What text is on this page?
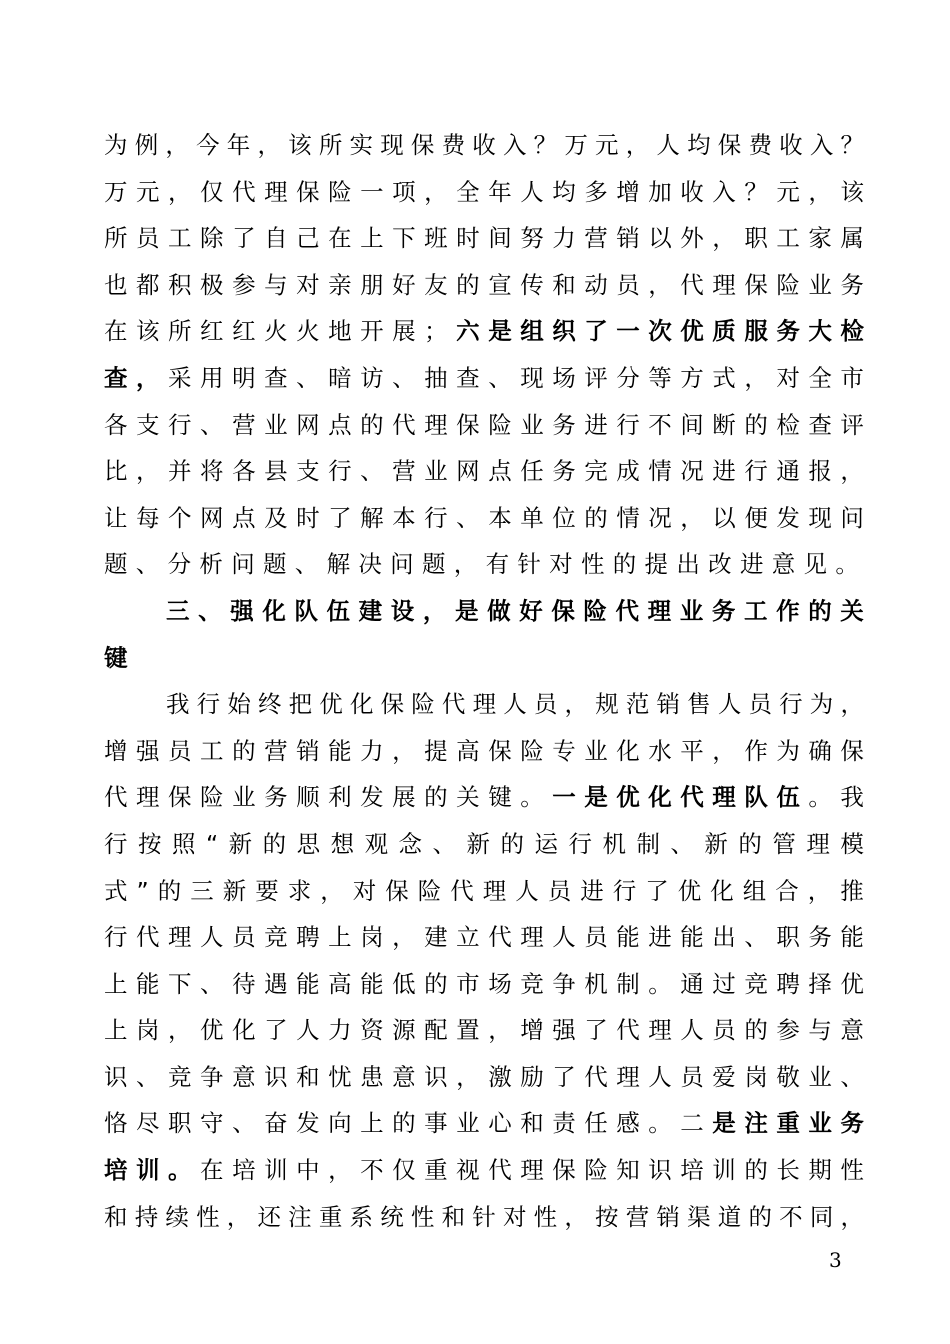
为 例 ， 今 年 ， 该 所 实 现 保 费 收 入 ？ 万 元 ， 人 均 保 费 收 入 ？
万 元 ， 仅 代 理 保 险 一 项 ， 全 年 人 均 多 增 加 收 入 ？ 元 ， 该
所 员 工 除 了 自 己 在 上 下 班 时 间 努 力 营 销 以 外 ， 职 工 家 属
也 都 积 极 参 与 对 亲 朋 好 友 的 宣 传 和 动 员 ， 代 理 保 险 业 务
在 该 所 红 红 火 火 地 开 展 ； 六 是 组 织 了 一 次 优 质 服 务 大 检
查 ， 采 用 明 查 、 暗 访 、 抽 查 、 现 场 评 分 等 方 式 ， 对 全 市
各 支 行 、 营 业 网 点 的 代 理 保 险 业 务 进 行 不 间 断 的 检 查 评
比 ， 并 将 各 县 支 行 、 营 业 网 点 任 务 完 成 情 况 进 行 通 报 ，
让 每 个 网 点 及 时 了 解 本 行 、 本 单 位 的 情 况 ， 以 便 发 现 问
题 、 分 析 问 题 、 解 决 问 题 ， 有 针 对 性 的 提 出 改 进 意 见 。
三 、 强 化 队 伍 建 设 ， 是 做 好 保 险 代 理 业 务 工 作 的 关
键
我 行 始 终 把 优 化 保 险 代 理 人 员 ， 规 范 销 售 人 员 行 为 ，
增 强 员 工 的 营 销 能 力 ， 提 高 保 险 专 业 化 水 平 ， 作 为 确 保
代 理 保 险 业 务 顺 利 发 展 的 关 键 。 一 是 优 化 代 理 队 伍 。 我
行 按 照 “ 新 的 思 想 观 念 、 新 的 运 行 机 制 、 新 的 管 理 模
式 ” 的 三 新 要 求 ， 对 保 险 代 理 人 员 进 行 了 优 化 组 合 ， 推
行 代 理 人 员 竞 聘 上 岗 ， 建 立 代 理 人 员 能 进 能 出 、 职 务 能
上 能 下 、 待 遇 能 高 能 低 的 市 场 竞 争 机 制 。 通 过 竞 聘 择 优
上 岗 ， 优 化 了 人 力 资 源 配 置 ， 增 强 了 代 理 人 员 的 参 与 意
识 、 竞 争 意 识 和 忧 患 意 识 ， 激 励 了 代 理 人 员 爱 岗 敬 业 、
恪 尽 职 守 、 奋 发 向 上 的 事 业 心 和 责 任 感 。 二 是 注 重 业 务
培 训 。 在 培 训 中 ， 不 仅 重 视 代 理 保 险 知 识 培 训 的 长 期 性
和 持 续 性 ， 还 注 重 系 统 性 和 针 对 性 ， 按 营 销 渠 道 的 不 同 ，
3
